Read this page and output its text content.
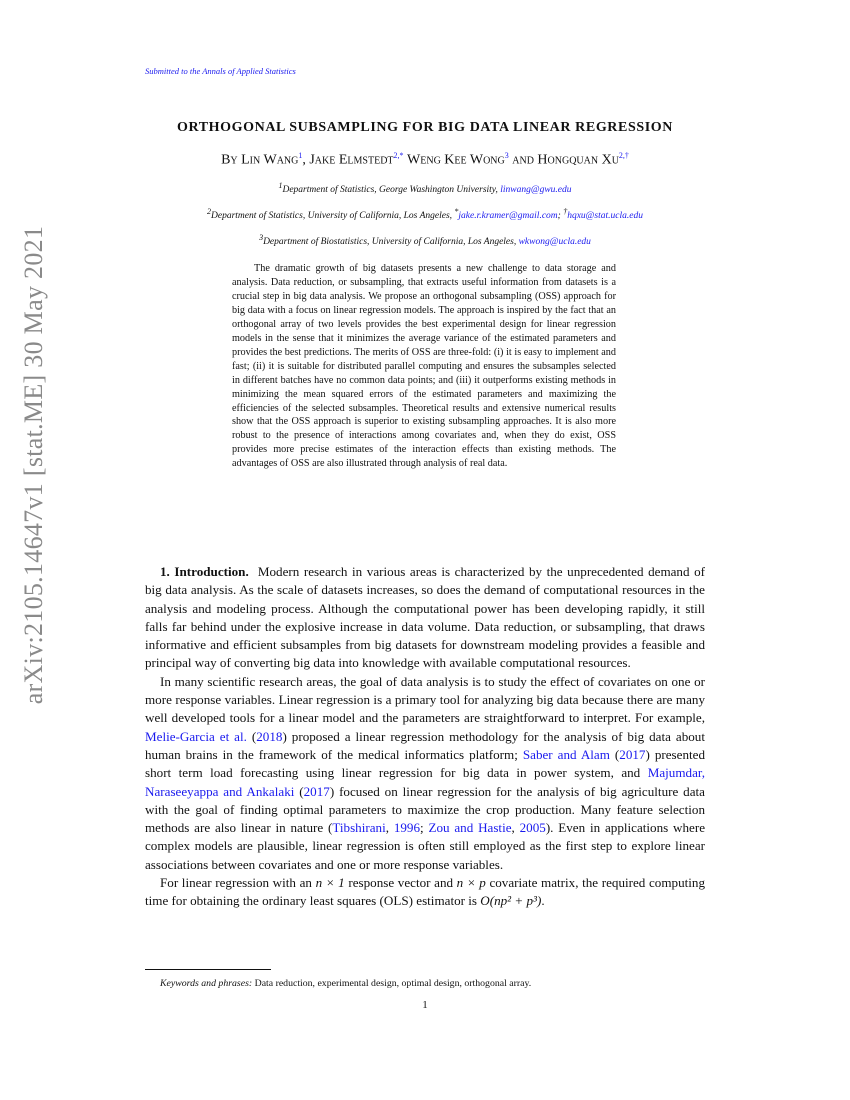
Submitted to the Annals of Applied Statistics
arXiv:2105.14647v1 [stat.ME] 30 May 2021
ORTHOGONAL SUBSAMPLING FOR BIG DATA LINEAR REGRESSION
By Lin Wang$^1$, Jake Elmstedt$^{2,*}$ Weng Kee Wong$^3$ and Hongquan $Xu^{2,\dagger}$
$^1$Department of Statistics, George Washington University, linwang@gwu.edu
$^2$Department of Statistics, University of California, Los Angeles, *jake.r.kramer@gmail.com; †hqxu@stat.ucla.edu
$^3$Department of Biostatistics, University of California, Los Angeles, wkwong@ucla.edu

The dramatic growth of big datasets presents a new challenge to data storage and analysis. Data reduction, or subsampling, that extracts useful information from datasets is a crucial step in big data analysis. We propose an orthogonal subsampling (OSS) approach for big data with a focus on linear regression models. The approach is inspired by the fact that an orthogonal array of two levels provides the best experimental design for linear regression models in the sense that it minimizes the average variance of the estimated parameters and provides the best predictions. The merits of OSS are three-fold: (i) it is easy to implement and fast; (ii) it is suitable for distributed parallel computing and ensures the subsamples selected in different batches have no common data points; and (iii) it outperforms existing methods in minimizing the mean squared errors of the estimated parameters and maximizing the efficiencies of the selected subsamples. Theoretical results and extensive numerical results show that the OSS approach is superior to existing subsampling approaches. It is also more robust to the presence of interactions among covariates and, when they do exist, OSS provides more precise estimates of the interaction effects than existing methods. The advantages of OSS are also illustrated through analysis of real data.

1. Introduction. Modern research in various areas is characterized by the unprecedented demand of big data analysis. As the scale of datasets increases, so does the demand of computational resources in the analysis and modeling process. Although the computational power has been developing rapidly, it still falls far behind under the explosive increase in data volume. Data reduction, or subsampling, that draws informative and efficient subsamples from big datasets for downstream modeling provides a feasible and principal way of converting big data into knowledge with available computational resources.

In many scientific research areas, the goal of data analysis is to study the effect of covariates on one or more response variables. Linear regression is a primary tool for analyzing big data because there are many well developed tools for a linear model and the parameters are straightforward to interpret. For example, Melie-Garcia et al. (2018) proposed a linear regression methodology for the analysis of big data about human brains in the framework of the medical informatics platform; Saber and Alam (2017) presented short term load forecasting using linear regression for big data in power system, and Majumdar, Naraseeyappa and Ankalaki (2017) focused on linear regression for the analysis of big agriculture data with the goal of finding optimal parameters to maximize the crop production. Many feature selection methods are also linear in nature (Tibshirani, 1996; Zou and Hastie, 2005). Even in applications where complex models are plausible, linear regression is often still employed as the first step to explore linear associations between covariates and one or more response variables.

For linear regression with an n × 1 response vector and n × p covariate matrix, the required computing time for obtaining the ordinary least squares (OLS) estimator is O(np² + p³).

Keywords and phrases: Data reduction, experimental design, optimal design, orthogonal array.
1
